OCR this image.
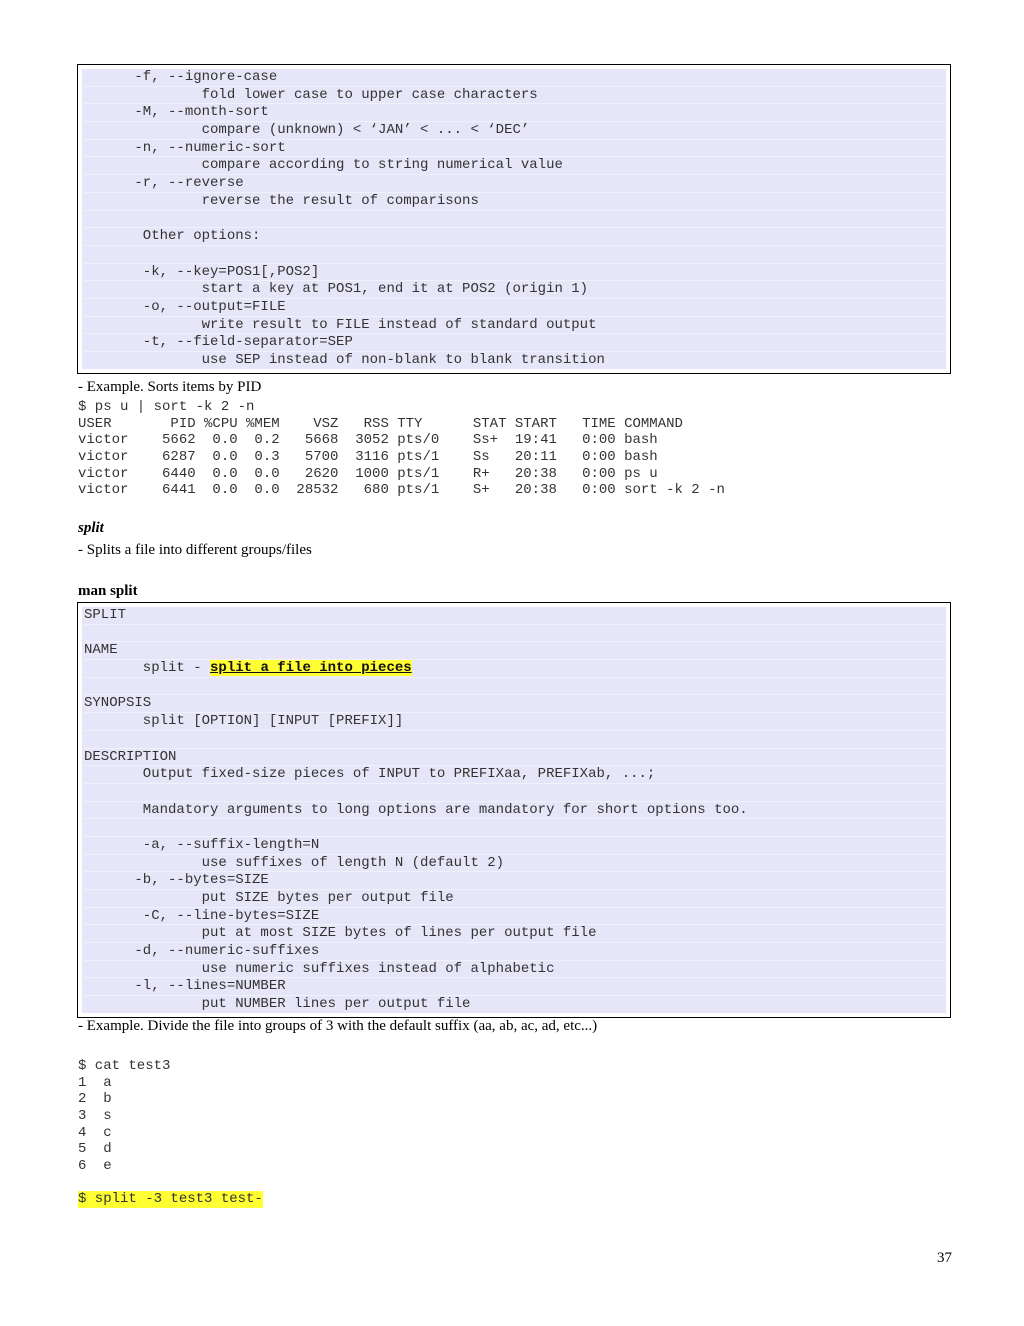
-f, --ignore-case
fold lower case to upper case characters
-M, --month-sort
compare (unknown) < ‘JAN’ < ... < ‘DEC’
-n, --numeric-sort
compare according to string numerical value
-r, --reverse
reverse the result of comparisons
Other options:
-k, --key=POS1[,POS2]
start a key at POS1, end it at POS2 (origin 1)
-o, --output=FILE
write result to FILE instead of standard output
-t, --field-separator=SEP
use SEP instead of non-blank to blank transition
- Example. Sorts items by PID
$ ps u | sort -k 2 -n
USER       PID %CPU %MEM    VSZ   RSS TTY      STAT START   TIME COMMAND
victor    5662  0.0  0.2   5668  3052 pts/0    Ss+  19:41   0:00 bash
victor    6287  0.0  0.3   5700  3116 pts/1    Ss   20:11   0:00 bash
victor    6440  0.0  0.0   2620  1000 pts/1    R+   20:38   0:00 ps u
victor    6441  0.0  0.0  28532   680 pts/1    S+   20:38   0:00 sort -k 2 -n
split
- Splits a file into different groups/files
man split
SPLIT
NAME
split - split a file into pieces
SYNOPSIS
split [OPTION] [INPUT [PREFIX]]
DESCRIPTION
Output fixed-size pieces of INPUT to PREFIXaa, PREFIXab, ...;
Mandatory arguments to long options are mandatory for short options too.
-a, --suffix-length=N
use suffixes of length N (default 2)
-b, --bytes=SIZE
put SIZE bytes per output file
-C, --line-bytes=SIZE
put at most SIZE bytes of lines per output file
-d, --numeric-suffixes
use numeric suffixes instead of alphabetic
-l, --lines=NUMBER
put NUMBER lines per output file
- Example. Divide the file into groups of 3 with the default suffix (aa, ab, ac, ad, etc...)
$ cat test3
1  a
2  b
3  s
4  c
5  d
6  e
$ split -3 test3 test-
37
